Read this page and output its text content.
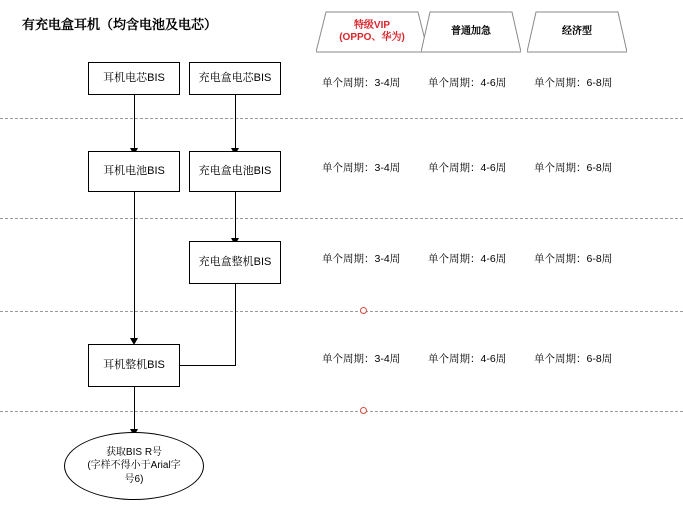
有充电盒耳机（均含电池及电芯）	特级VIP
(OPPO、华为)
普通加急	经济型
耳机电芯BIS	充电盒电芯BIS
耳机电池BIS	充电盒电池BIS
充电盒整机BIS
耳机整机BIS
获取BIS R号
(字样不得小于Arial字
号6)
单个周期：3-4周	单个周期：4-6周	单个周期：6-8周
单个周期：3-4周	单个周期：4-6周	单个周期：6-8周
单个周期：3-4周	单个周期：4-6周	单个周期：6-8周
单个周期：3-4周	单个周期：4-6周	单个周期：6-8周
